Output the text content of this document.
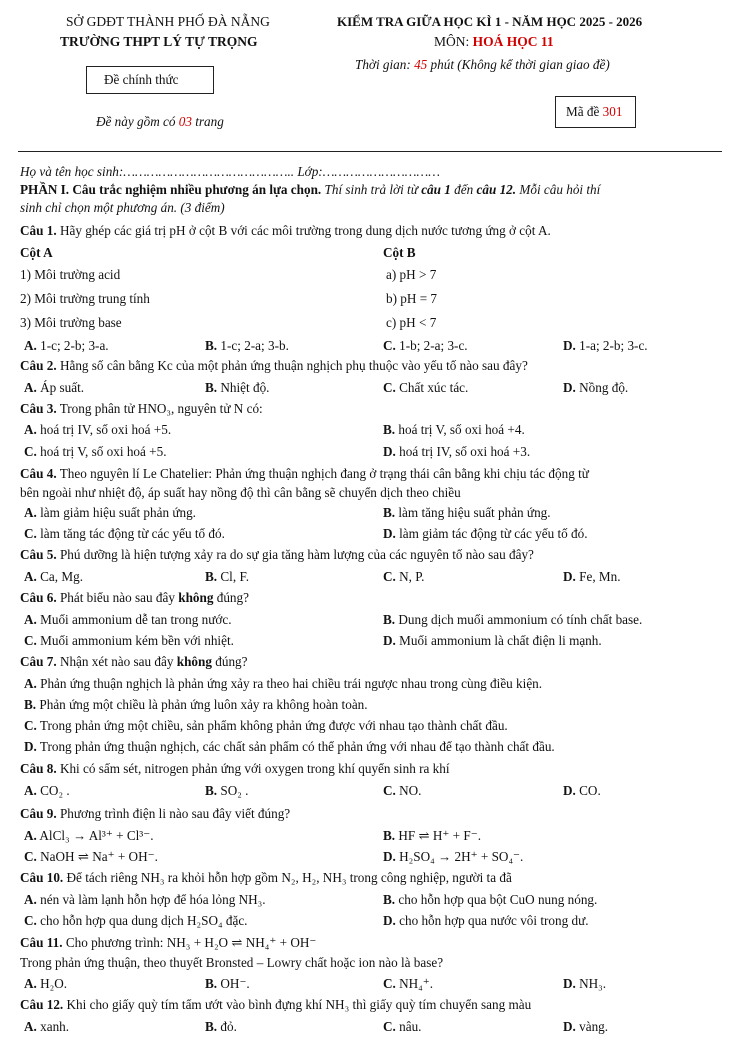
SỞ GDĐT THÀNH PHỐ ĐÀ NẴNG
TRƯỜNG THPT LÝ TỰ TRỌNG
Đề chính thức
Đề này gồm có 03 trang
KIỂM TRA GIỮA HỌC KÌ 1 - NĂM HỌC 2025 - 2026
MÔN: HOÁ HỌC 11
Thời gian: 45 phút (Không kể thời gian giao đề)
Mã đề 301
Họ và tên học sinh:…………………………………….. Lớp:…………………………
PHẦN I. Câu trắc nghiệm nhiều phương án lựa chọn. Thí sinh trả lời từ câu 1 đến câu 12. Mỗi câu hỏi thí
sinh chỉ chọn một phương án. (3 điểm)
Câu 1. Hãy ghép các giá trị pH ở cột B với các môi trường trong dung dịch nước tương ứng ở cột A.
Cột A	Cột B
1) Môi trường acid	a) pH > 7
2) Môi trường trung tính	b) pH = 7
3) Môi trường base	c) pH < 7
A. 1-c; 2-b; 3-a.	B. 1-c; 2-a; 3-b.	C. 1-b; 2-a; 3-c.	D. 1-a; 2-b; 3-c.
Câu 2. Hằng số cân bằng Kc của một phản ứng thuận nghịch phụ thuộc vào yếu tố nào sau đây?
A. Áp suất.	B. Nhiệt độ.	C. Chất xúc tác.	D. Nồng độ.
Câu 3. Trong phân tử HNO₃, nguyên tử N có:
A. hoá trị IV, số oxi hoá +5.	B. hoá trị V, số oxi hoá +4.
C. hoá trị V, số oxi hoá +5.	D. hoá trị IV, số oxi hoá +3.
Câu 4. Theo nguyên lí Le Chatelier: Phản ứng thuận nghịch đang ở trạng thái cân bằng khi chịu tác động từ
bên ngoài như nhiệt độ, áp suất hay nồng độ thì cân bằng sẽ chuyển dịch theo chiều
A. làm giảm hiệu suất phản ứng.	B. làm tăng hiệu suất phản ứng.
C. làm tăng tác động từ các yếu tố đó.	D. làm giảm tác động từ các yếu tố đó.
Câu 5. Phú dưỡng là hiện tượng xảy ra do sự gia tăng hàm lượng của các nguyên tố nào sau đây?
A. Ca, Mg.	B. Cl, F.	C. N, P.	D. Fe, Mn.
Câu 6. Phát biểu nào sau đây không đúng?
A. Muối ammonium dễ tan trong nước.	B. Dung dịch muối ammonium có tính chất base.
C. Muối ammonium kém bền với nhiệt.	D. Muối ammonium là chất điện li mạnh.
Câu 7. Nhận xét nào sau đây không đúng?
A. Phản ứng thuận nghịch là phản ứng xảy ra theo hai chiều trái ngược nhau trong cùng điều kiện.
B. Phản ứng một chiều là phản ứng luôn xảy ra không hoàn toàn.
C. Trong phản ứng một chiều, sản phẩm không phản ứng được với nhau tạo thành chất đầu.
D. Trong phản ứng thuận nghịch, các chất sản phẩm có thể phản ứng với nhau để tạo thành chất đầu.
Câu 8. Khi có sấm sét, nitrogen phản ứng với oxygen trong khí quyển sinh ra khí
A. CO₂ .	B. SO₂ .	C. NO.	D. CO.
Câu 9. Phương trình điện li nào sau đây viết đúng?
A. AlCl₃ → Al³⁺ + Cl³⁻.	B. HF ⇌ H⁺ + F⁻.
C. NaOH ⇌ Na⁺ + OH⁻.	D. H₂SO₄ → 2H⁺ + SO₄⁻.
Câu 10. Để tách riêng NH₃ ra khỏi hỗn hợp gồm N₂, H₂, NH₃ trong công nghiệp, người ta đã
A. nén và làm lạnh hỗn hợp để hóa lỏng NH₃.	B. cho hỗn hợp qua bột CuO nung nóng.
C. cho hỗn hợp qua dung dịch H₂SO₄ đặc.	D. cho hỗn hợp qua nước vôi trong dư.
Câu 11. Cho phương trình: NH₃ + H₂O ⇌ NH₄⁺ + OH⁻
Trong phản ứng thuận, theo thuyết Bronsted – Lowry chất hoặc ion nào là base?
A. H₂O.	B. OH⁻.	C. NH₄⁺.	D. NH₃.
Câu 12. Khi cho giấy quỳ tím tẩm ướt vào bình đựng khí NH₃ thì giấy quỳ tím chuyển sang màu
A. xanh.	B. đỏ.	C. nâu.	D. vàng.
